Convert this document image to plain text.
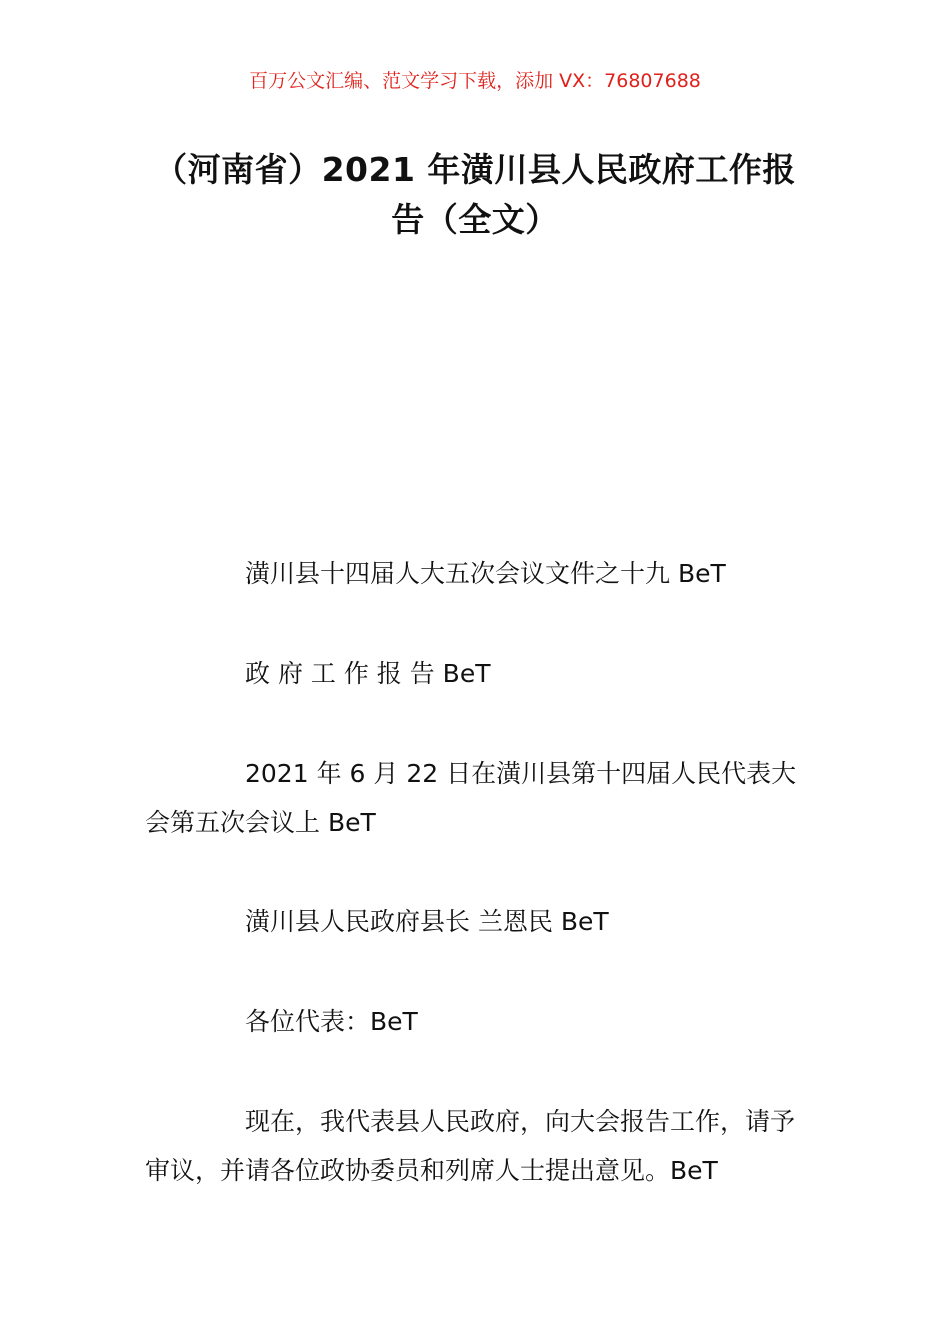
百万公文汇编、范文学习下载，添加 VX：76807688
（河南省）2021 年潢川县人民政府工作报
告（全文）

潢川县十四届人大五次会议文件之十九 BeT

政 府 工 作 报 告 BeT

2021 年 6 月 22 日在潢川县第十四届人民代表大会第五次会议上 BeT

潢川县人民政府县长 兰恩民 BeT

各位代表：BeT

现在，我代表县人民政府，向大会报告工作，请予审议，并请各位政协委员和列席人士提出意见。BeT
